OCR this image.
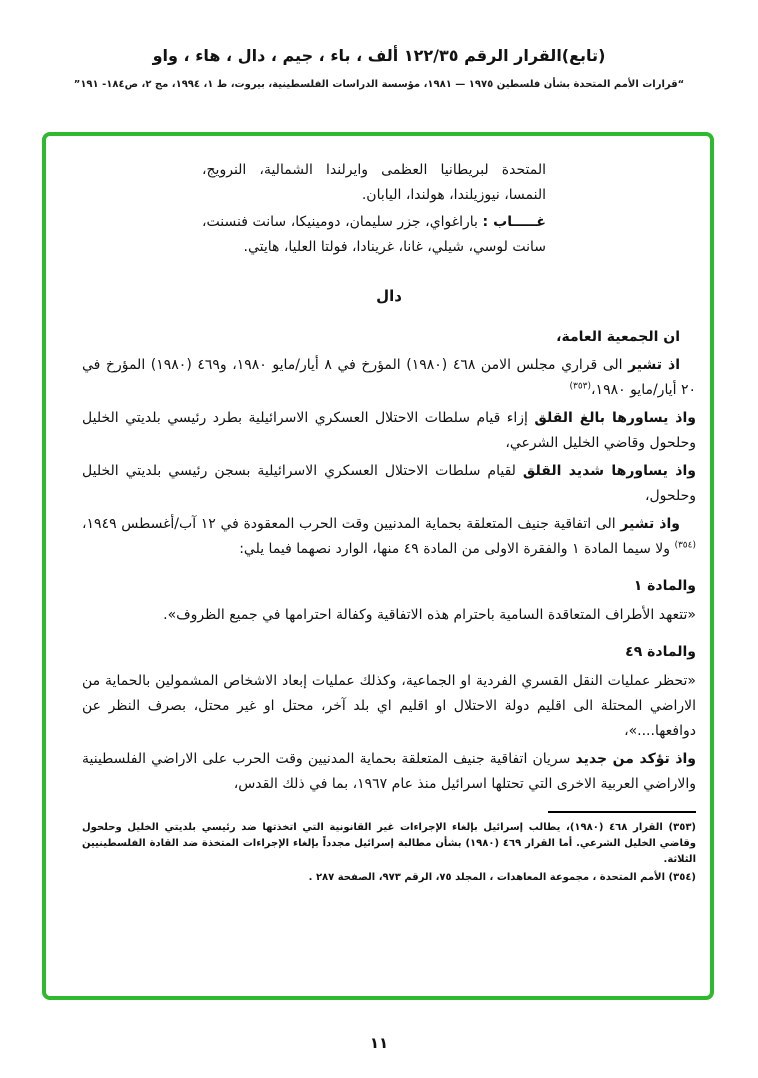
(تابع)القرار الرقم ١٢٢/٣٥ ألف ، باء ، جيم ، دال ، هاء ، واو
“قرارات الأمم المتحدة بشأن فلسطين ١٩٧٥ — ١٩٨١، مؤسسة الدراسات الفلسطينية، بيروت، ط ١، ١٩٩٤، مج ٢، ص١٨٤- ١٩١”

المتحدة لبريطانيا العظمى وايرلندا الشمالية، النرويج، النمسا، نيوزيلندا، هولندا، اليابان.

غـــــاب : باراغواي، جزر سليمان، دومينيكا، سانت فنسنت، سانت لوسي، شيلي، غانا، غرينادا، فولتا العليا، هايتي.

دال

ان الجمعية العامة،

اذ تشير الى قراري مجلس الامن ٤٦٨ (١٩٨٠) المؤرخ في ٨ أيار/مايو ١٩٨٠، و٤٦٩ (١٩٨٠) المؤرخ في ٢٠ أيار/مايو ١٩٨٠،$^{(٣٥٣)}$

واذ يساورها بالغ القلق إزاء قيام سلطات الاحتلال العسكري الاسرائيلية بطرد رئيسي بلديتي الخليل وحلحول وقاضي الخليل الشرعي،

واذ يساورها شديد القلق لقيام سلطات الاحتلال العسكري الاسرائيلية بسجن رئيسي بلديتي الخليل وحلحول،

واذ تشير الى اتفاقية جنيف المتعلقة بحماية المدنيين وقت الحرب المعقودة في ١٢ آب/أغسطس ١٩٤٩،$^{(٣٥٤)}$ ولا سيما المادة ١ والفقرة الاولى من المادة ٤٩ منها، الوارد نصهما فيما يلي:

والمادة ١

«تتعهد الأطراف المتعاقدة السامية باحترام هذه الاتفاقية وكفالة احترامها في جميع الظروف».

والمادة ٤٩

«تحظر عمليات النقل القسري الفردية او الجماعية، وكذلك عمليات إبعاد الاشخاص المشمولين بالحماية من الاراضي المحتلة الى اقليم دولة الاحتلال او اقليم اي بلد آخر، محتل او غير محتل، بصرف النظر عن دوافعها....»،

واذ تؤكد من جديد سريان اتفاقية جنيف المتعلقة بحماية المدنيين وقت الحرب على الاراضي الفلسطينية والاراضي العربية الاخرى التي تحتلها اسرائيل منذ عام ١٩٦٧، بما في ذلك القدس،

(٣٥٣) القرار ٤٦٨ (١٩٨٠)، يطالب إسرائيل بإلغاء الإجراءات غير القانونية التي اتخذتها ضد رئيسي بلديتي الخليل وحلحول وقاضي الخليل الشرعي. أما القرار ٤٦٩ (١٩٨٠) بشأن مطالبة إسرائيل مجدداً بإلغاء الإجراءات المتخذة ضد القادة الفلسطينيين الثلاثة.

(٣٥٤) الأمم المتحدة ، مجموعة المعاهدات ، المجلد ٧٥، الرقم ٩٧٣، الصفحة ٢٨٧ .

١١
